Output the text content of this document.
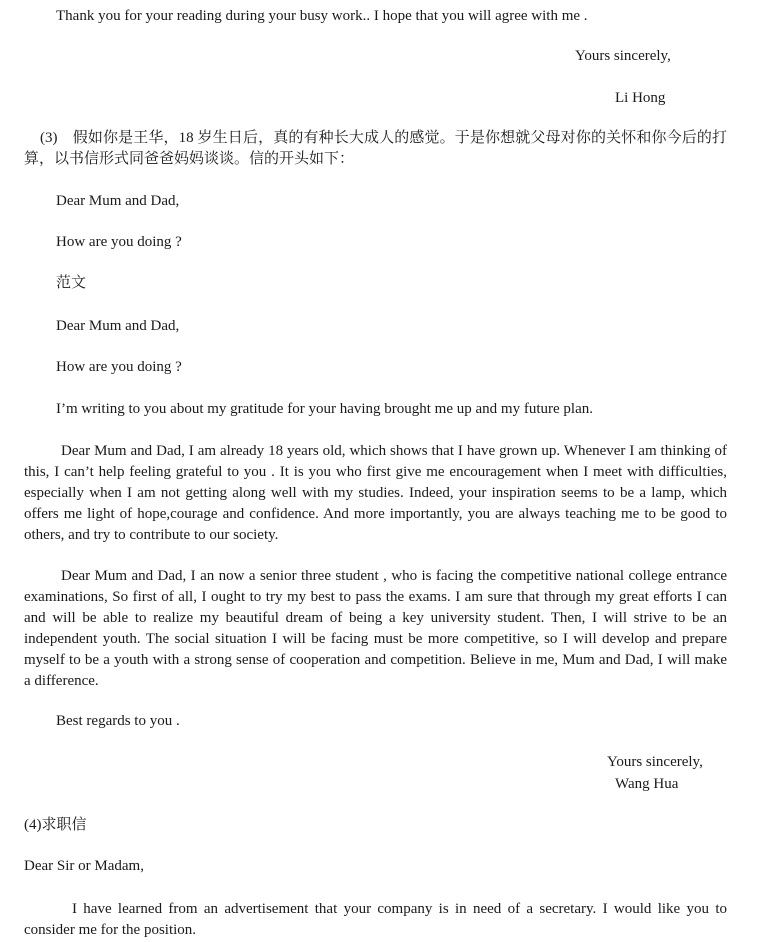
Thank you for your reading during your busy work.. I hope that you will agree with me .
Yours sincerely,
Li Hong
(3)　假如你是王华，18 岁生日后，真的有种长大成人的感觉。于是你想就父母对你的关怀和你今后的打算，以书信形式同爸爸妈妈谈谈。信的开头如下：
Dear Mum and Dad,
How are you doing ?
范文
Dear Mum and Dad,
How are you doing ?
I’m writing to you about my gratitude for your having brought me up and my future plan.
Dear Mum and Dad, I am already 18 years old, which shows that I have grown up. Whenever I am thinking of this, I can’t help feeling grateful to you . It is you who first give me encouragement when I meet with difficulties, especially when I am not getting along well with my studies. Indeed, your inspiration seems to be a lamp, which offers me light of hope,courage and confidence. And more importantly, you are always teaching me to be good to others, and try to contribute to our society.
Dear Mum and Dad, I an now a senior three student , who is facing the competitive national college entrance examinations, So first of all, I ought to try my best to pass the exams. I am sure that through my great efforts I can and will be able to realize my beautiful dream of being a key university student. Then, I will strive to be an independent youth. The social situation I will be facing must be more competitive, so I will develop and prepare myself to be a youth with a strong sense of cooperation and competition. Believe in me, Mum and Dad, I will make a difference.
Best regards to you .
Yours sincerely,
Wang Hua
(4)求职信
Dear Sir or Madam,
I have learned from an advertisement that your company is in need of a secretary. I would like you to consider me for the position.
